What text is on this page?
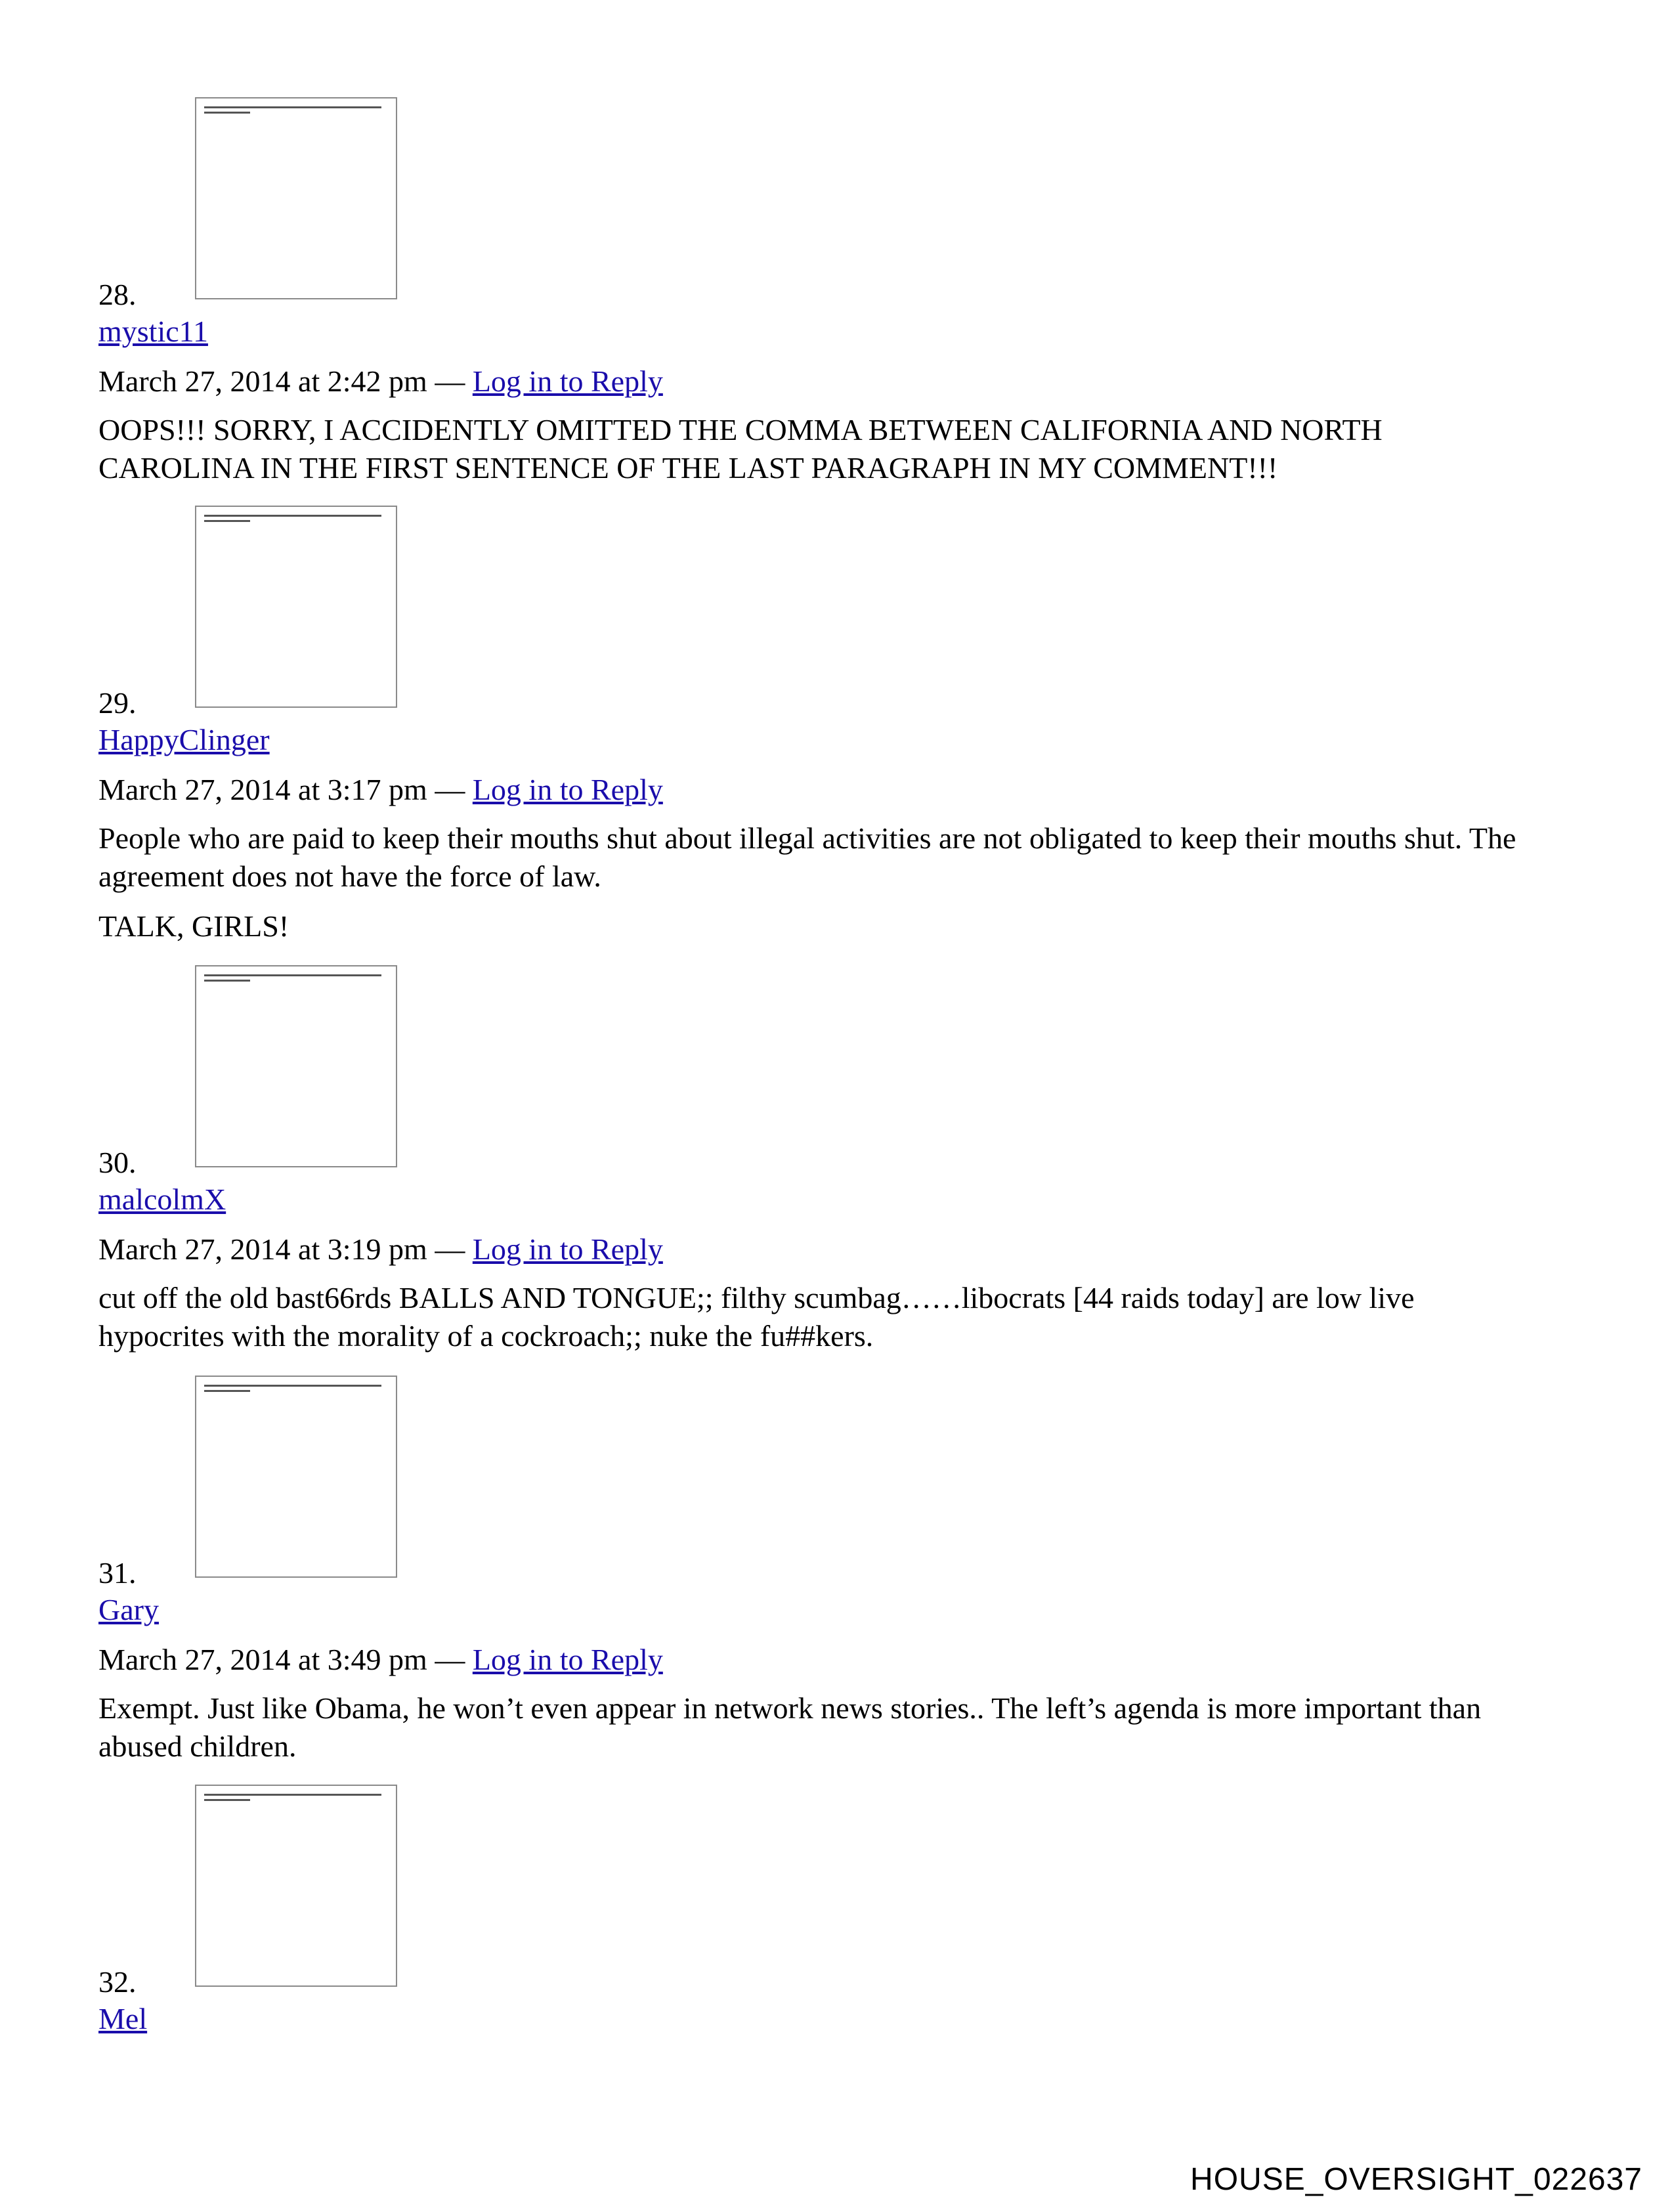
28.
mystic11
March 27, 2014 at 2:42 pm — Log in to Reply

OOPS!!! SORRY, I ACCIDENTLY OMITTED THE COMMA BETWEEN CALIFORNIA AND NORTH CAROLINA IN THE FIRST SENTENCE OF THE LAST PARAGRAPH IN MY COMMENT!!!

29.
HappyClinger
March 27, 2014 at 3:17 pm — Log in to Reply

People who are paid to keep their mouths shut about illegal activities are not obligated to keep their mouths shut. The agreement does not have the force of law.

TALK, GIRLS!

30.
malcolmX
March 27, 2014 at 3:19 pm — Log in to Reply

cut off the old bast66rds BALLS AND TONGUE;; filthy scumbag……libocrats [44 raids today] are low live hypocrites with the morality of a cockroach;; nuke the fu##kers.

31.
Gary
March 27, 2014 at 3:49 pm — Log in to Reply

Exempt. Just like Obama, he won’t even appear in network news stories.. The left’s agenda is more important than abused children.

32.
Mel
HOUSE_OVERSIGHT_022637
